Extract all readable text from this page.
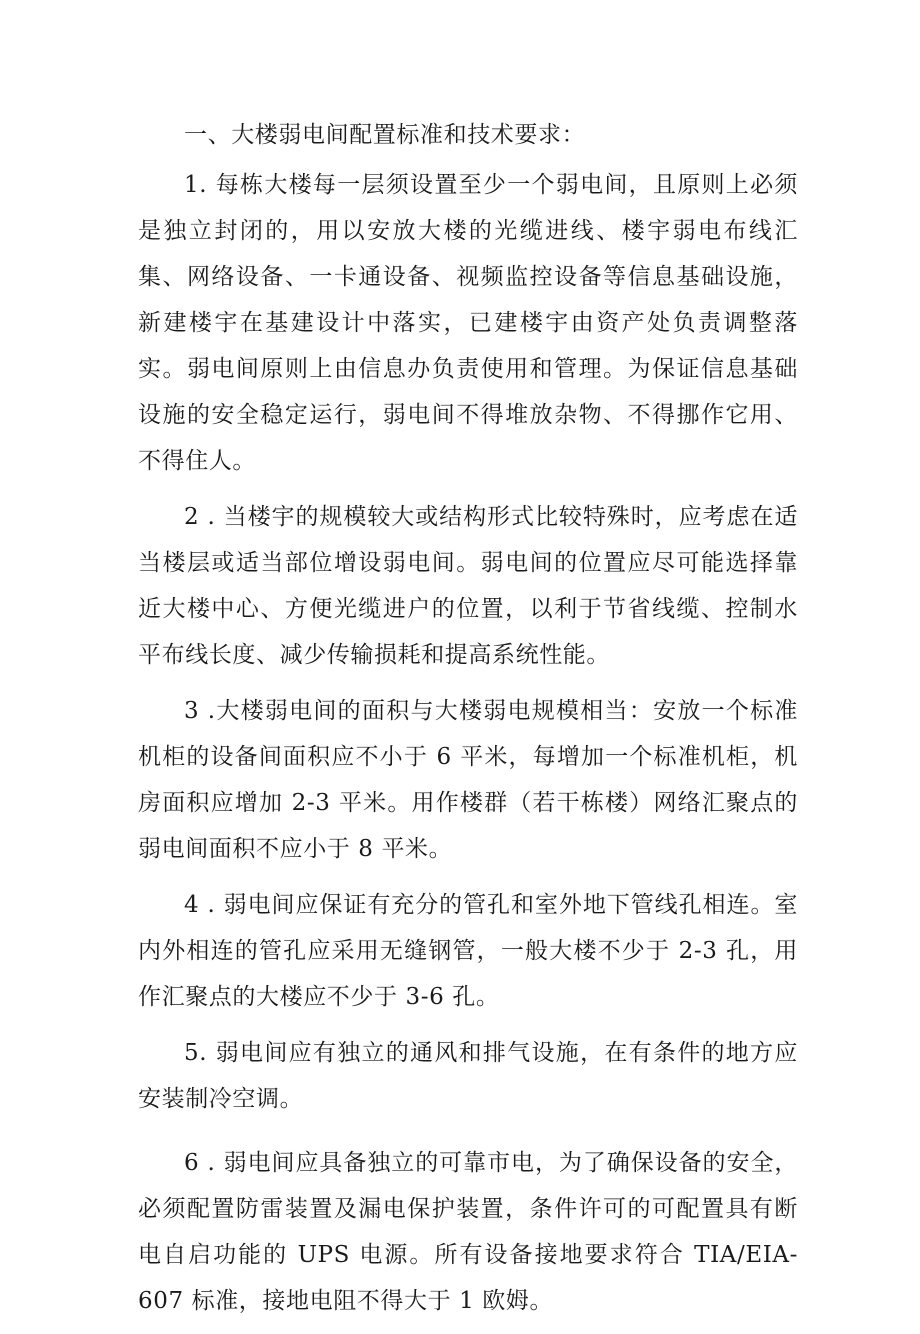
一、大楼弱电间配置标准和技术要求：

1. 每栋大楼每一层须设置至少一个弱电间，且原则上必须是独立封闭的，用以安放大楼的光缆进线、楼宇弱电布线汇集、网络设备、一卡通设备、视频监控设备等信息基础设施，新建楼宇在基建设计中落实，已建楼宇由资产处负责调整落实。弱电间原则上由信息办负责使用和管理。为保证信息基础设施的安全稳定运行，弱电间不得堆放杂物、不得挪作它用、不得住人。

2 . 当楼宇的规模较大或结构形式比较特殊时，应考虑在适当楼层或适当部位增设弱电间。弱电间的位置应尽可能选择靠近大楼中心、方便光缆进户的位置，以利于节省线缆、控制水平布线长度、减少传输损耗和提高系统性能。

3 .大楼弱电间的面积与大楼弱电规模相当：安放一个标准机柜的设备间面积应不小于 6 平米，每增加一个标准机柜，机房面积应增加 2-3 平米。用作楼群（若干栋楼）网络汇聚点的弱电间面积不应小于 8 平米。

4 . 弱电间应保证有充分的管孔和室外地下管线孔相连。室内外相连的管孔应采用无缝钢管，一般大楼不少于 2-3 孔，用作汇聚点的大楼应不少于 3-6 孔。

5. 弱电间应有独立的通风和排气设施，在有条件的地方应安装制冷空调。

6 . 弱电间应具备独立的可靠市电，为了确保设备的安全，必须配置防雷装置及漏电保护装置，条件许可的可配置具有断电自启功能的 UPS 电源。所有设备接地要求符合 TIA/EIA-607 标准，接地电阻不得大于 1 欧姆。
